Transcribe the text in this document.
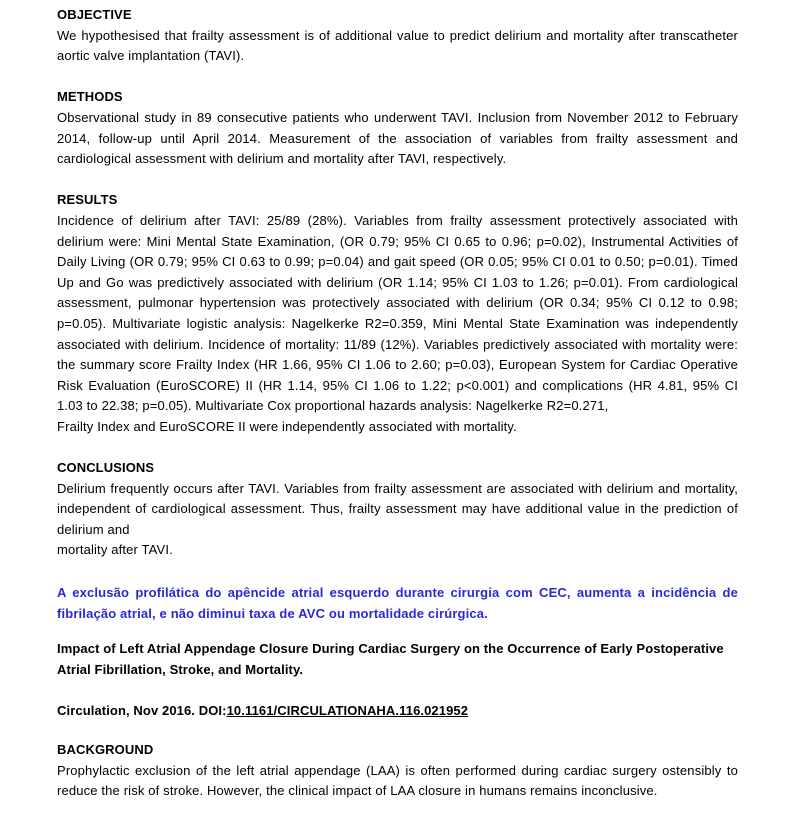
OBJECTIVE

We hypothesised that frailty assessment is of additional value to predict delirium and mortality after transcatheter aortic valve implantation (TAVI).

METHODS

Observational study in 89 consecutive patients who underwent TAVI. Inclusion from November 2012 to February 2014, follow-up until April 2014. Measurement of the association of variables from frailty assessment and cardiological assessment with delirium and mortality after TAVI, respectively.

RESULTS

Incidence of delirium after TAVI: 25/89 (28%). Variables from frailty assessment protectively associated with delirium were: Mini Mental State Examination, (OR 0.79; 95% CI 0.65 to 0.96; p=0.02), Instrumental Activities of Daily Living (OR 0.79; 95% CI 0.63 to 0.99; p=0.04) and gait speed (OR 0.05; 95% CI 0.01 to 0.50; p=0.01). Timed Up and Go was predictively associated with delirium (OR 1.14; 95% CI 1.03 to 1.26; p=0.01). From cardiological assessment, pulmonar hypertension was protectively associated with delirium (OR 0.34; 95% CI 0.12 to 0.98; p=0.05). Multivariate logistic analysis: Nagelkerke R2=0.359, Mini Mental State Examination was independently associated with delirium. Incidence of mortality: 11/89 (12%). Variables predictively associated with mortality were: the summary score Frailty Index (HR 1.66, 95% CI 1.06 to 2.60; p=0.03), European System for Cardiac Operative Risk Evaluation (EuroSCORE) II (HR 1.14, 95% CI 1.06 to 1.22; p<0.001) and complications (HR 4.81, 95% CI 1.03 to 22.38; p=0.05). Multivariate Cox proportional hazards analysis: Nagelkerke R2=0.271,

Frailty Index and EuroSCORE II were independently associated with mortality.

CONCLUSIONS

Delirium frequently occurs after TAVI. Variables from frailty assessment are associated with delirium and mortality, independent of cardiological assessment. Thus, frailty assessment may have additional value in the prediction of delirium and

mortality after TAVI.

A exclusão profilática do apêncide atrial esquerdo durante cirurgia com CEC, aumenta a incidência de fibrilação atrial, e não diminui taxa de AVC ou mortalidade cirúrgica.

Impact of Left Atrial Appendage Closure During Cardiac Surgery on the Occurrence of Early Postoperative Atrial Fibrillation, Stroke, and Mortality.

Circulation, Nov 2016. DOI:10.1161/CIRCULATIONAHA.116.021952

BACKGROUND

Prophylactic exclusion of the left atrial appendage (LAA) is often performed during cardiac surgery ostensibly to reduce the risk of stroke. However, the clinical impact of LAA closure in humans remains inconclusive.
